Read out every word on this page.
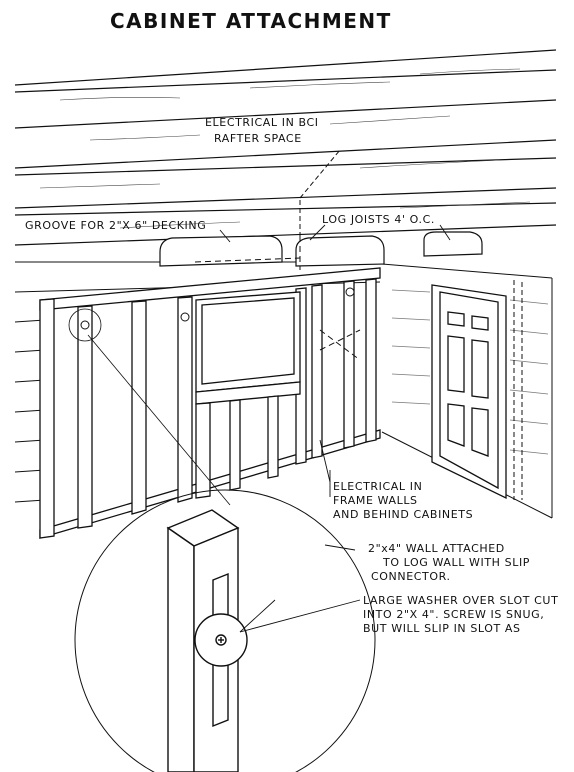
CABINET ATTACHMENT
ELECTRICAL IN BCI
RAFTER SPACE
GROOVE FOR 2"X 6" DECKING	LOG JOISTS 4' O.C.
ELECTRICAL IN
FRAME WALLS
AND BEHIND CABINETS
2"x4" WALL ATTACHED
TO LOG WALL WITH SLIP
CONNECTOR.
LARGE WASHER OVER SLOT CUT
INTO 2"X 4". SCREW IS SNUG,
BUT WILL SLIP IN SLOT AS
